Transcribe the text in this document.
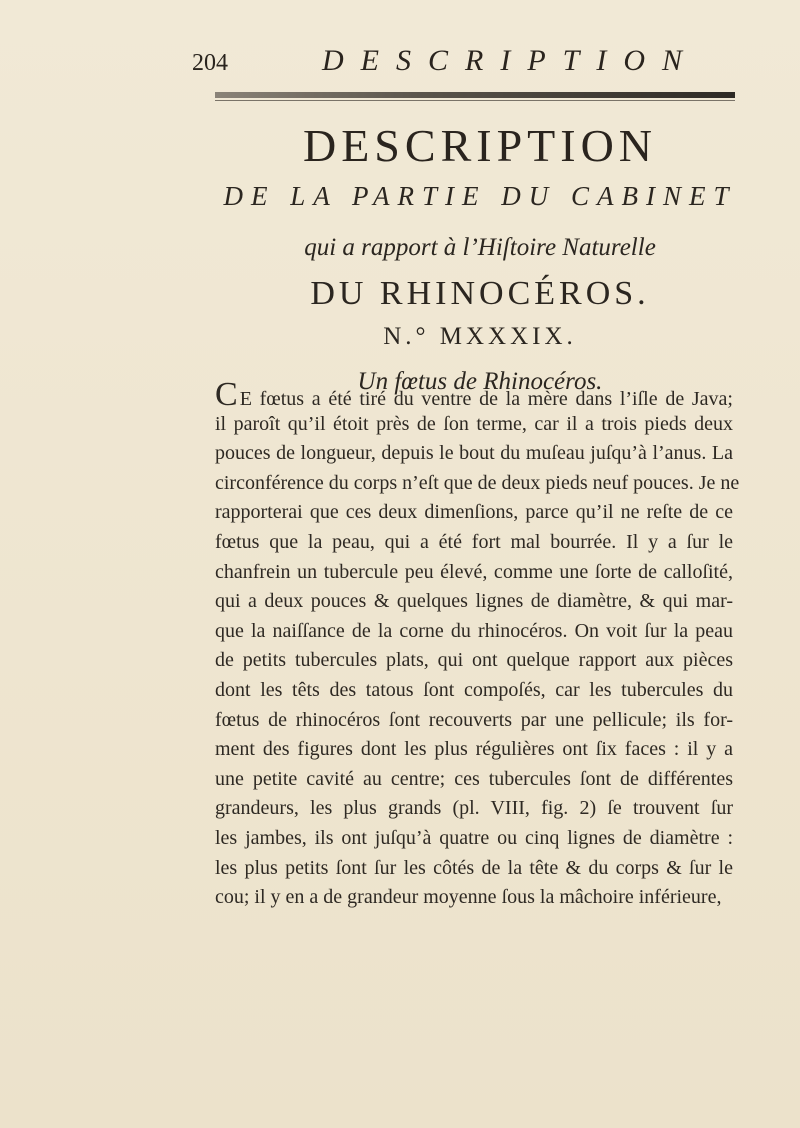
204	DESCRIPTION
DESCRIPTION
DE LA PARTIE DU CABINET
qui a rapport à l’Hiſtoire Naturelle
DU RHINOCÉROS.
N.° MXXXIX.
Un fœtus de Rhinocéros.
C E fœtus a été tiré du ventre de la mère dans l’iſle de Java;
il paroît qu’il étoit près de ſon terme, car il a trois pieds deux
pouces de longueur, depuis le bout du muſeau juſqu’à l’anus. La
circonférence du corps n’eſt que de deux pieds neuf pouces. Je ne
rapporterai que ces deux dimenſions, parce qu’il ne reſte de ce
fœtus que la peau, qui a été fort mal bourrée. Il y a ſur le
chanfrein un tubercule peu élevé, comme une ſorte de calloſité,
qui a deux pouces & quelques lignes de diamètre, & qui mar-
que la naiſſance de la corne du rhinocéros. On voit ſur la peau
de petits tubercules plats, qui ont quelque rapport aux pièces
dont les têts des tatous ſont compoſés, car les tubercules du
fœtus de rhinocéros ſont recouverts par une pellicule; ils for-
ment des figures dont les plus régulières ont ſix faces : il y a
une petite cavité au centre; ces tubercules ſont de différentes
grandeurs, les plus grands (pl. VIII, fig. 2) ſe trouvent ſur
les jambes, ils ont juſqu’à quatre ou cinq lignes de diamètre :
les plus petits ſont ſur les côtés de la tête & du corps & ſur le
cou; il y en a de grandeur moyenne ſous la mâchoire inférieure,
